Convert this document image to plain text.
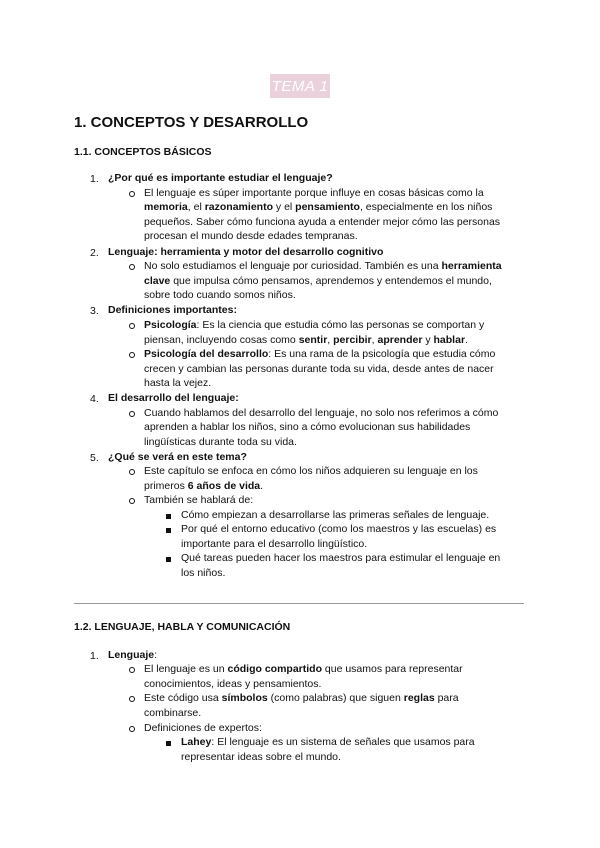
TEMA 1
1. CONCEPTOS Y DESARROLLO
1.1. CONCEPTOS BÁSICOS
1. ¿Por qué es importante estudiar el lenguaje?
El lenguaje es súper importante porque influye en cosas básicas como la
memoria, el razonamiento y el pensamiento, especialmente en los niños
pequeños. Saber cómo funciona ayuda a entender mejor cómo las personas
procesan el mundo desde edades tempranas.
2. Lenguaje: herramienta y motor del desarrollo cognitivo
No solo estudiamos el lenguaje por curiosidad. También es una herramienta
clave que impulsa cómo pensamos, aprendemos y entendemos el mundo,
sobre todo cuando somos niños.
3. Definiciones importantes:
Psicología: Es la ciencia que estudia cómo las personas se comportan y
piensan, incluyendo cosas como sentir, percibir, aprender y hablar.
Psicología del desarrollo: Es una rama de la psicología que estudia cómo
crecen y cambian las personas durante toda su vida, desde antes de nacer
hasta la vejez.
4. El desarrollo del lenguaje:
Cuando hablamos del desarrollo del lenguaje, no solo nos referimos a cómo
aprenden a hablar los niños, sino a cómo evolucionan sus habilidades
lingüísticas durante toda su vida.
5. ¿Qué se verá en este tema?
Este capítulo se enfoca en cómo los niños adquieren su lenguaje en los
primeros 6 años de vida.
También se hablará de:
Cómo empiezan a desarrollarse las primeras señales de lenguaje.
Por qué el entorno educativo (como los maestros y las escuelas) es
importante para el desarrollo lingüístico.
Qué tareas pueden hacer los maestros para estimular el lenguaje en
los niños.
1.2. LENGUAJE, HABLA Y COMUNICACIÓN
1. Lenguaje:
El lenguaje es un código compartido que usamos para representar
conocimientos, ideas y pensamientos.
Este código usa símbolos (como palabras) que siguen reglas para
combinarse.
Definiciones de expertos:
Lahey: El lenguaje es un sistema de señales que usamos para
representar ideas sobre el mundo.
